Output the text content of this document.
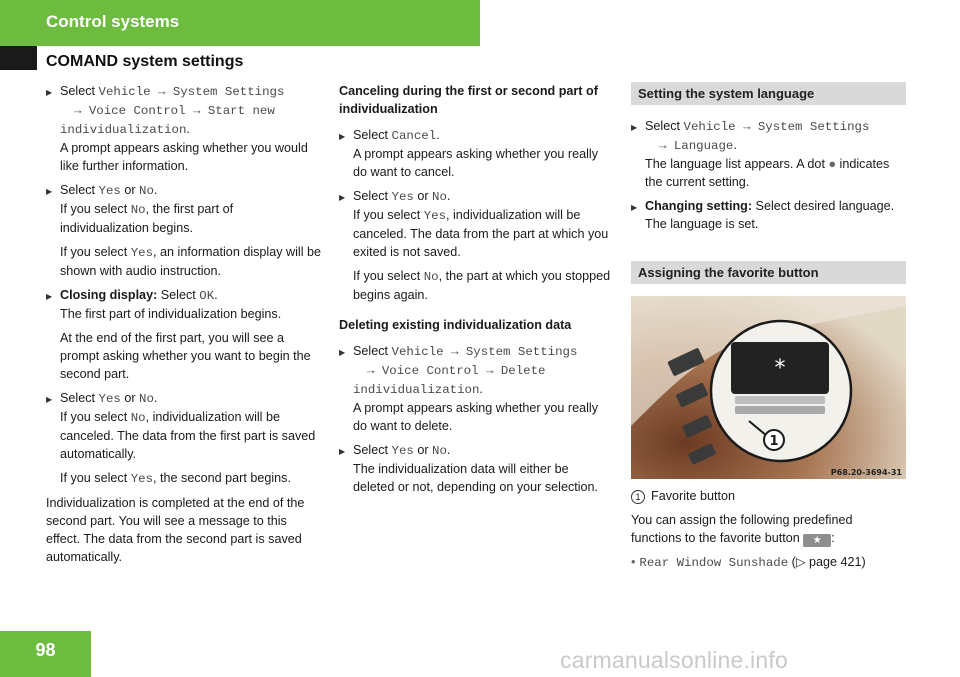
Control systems
COMAND system settings
▶ Select Vehicle → System Settings
→ Voice Control → Start new
individualization.
A prompt appears asking whether you would like further information.
▶ Select Yes or No.
If you select No, the first part of individualization begins.
If you select Yes, an information display will be shown with audio instruction.
▶ Closing display: Select OK.
The first part of individualization begins.
At the end of the first part, you will see a prompt asking whether you want to begin the second part.
▶ Select Yes or No.
If you select No, individualization will be canceled. The data from the first part is saved automatically.
If you select Yes, the second part begins.
Individualization is completed at the end of the second part. You will see a message to this effect. The data from the second part is saved automatically.
Canceling during the first or second part of individualization
▶ Select Cancel.
A prompt appears asking whether you really do want to cancel.
▶ Select Yes or No.
If you select Yes, individualization will be canceled. The data from the part at which you exited is not saved.
If you select No, the part at which you stopped begins again.
Deleting existing individualization data
▶ Select Vehicle → System Settings
→ Voice Control → Delete
individualization.
A prompt appears asking whether you really do want to delete.
▶ Select Yes or No.
The individualization data will either be deleted or not, depending on your selection.
Setting the system language
▶ Select Vehicle → System Settings
→ Language.
The language list appears. A dot ● indicates the current setting.
▶ Changing setting: Select desired language.
The language is set.
Assigning the favorite button
*
1
P68.20-3694-31
1 Favorite button
You can assign the following predefined functions to the favorite button ★ :
• Rear Window Sunshade (▷ page 421)
98	carmanualsonline.info
